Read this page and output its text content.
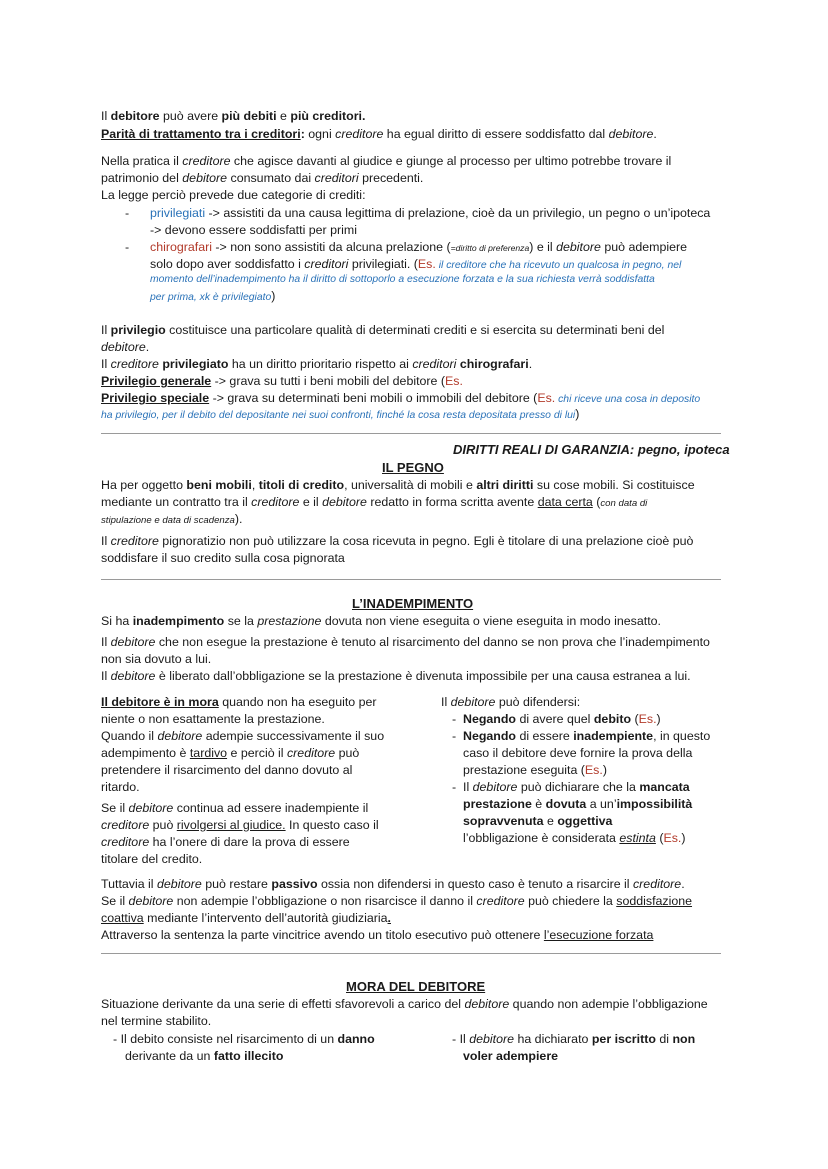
Il debitore può avere più debiti e più creditori.
Parità di trattamento tra i creditori: ogni creditore ha egual diritto di essere soddisfatto dal debitore.
Nella pratica il creditore che agisce davanti al giudice e giunge al processo per ultimo potrebbe trovare il
patrimonio del debitore consumato dai creditori precedenti.
La legge perciò prevede due categorie di crediti:
- privilegiati -> assistiti da una causa legittima di prelazione, cioè da un privilegio, un pegno o un’ipoteca
-> devono essere soddisfatti per primi
- chirografari -> non sono assistiti da alcuna prelazione (=diritto di preferenza) e il debitore può adempiere
solo dopo aver soddisfatto i creditori privilegiati. (Es. il creditore che ha ricevuto un qualcosa in pegno, nel
momento dell’inadempimento ha il diritto di sottoporlo a esecuzione forzata e la sua richiesta verrà soddisfatta
per prima, xk è privilegiato)
Il privilegio costituisce una particolare qualità di determinati crediti e si esercita su determinati beni del
debitore.
Il creditore privilegiato ha un diritto prioritario rispetto ai creditori chirografari.
Privilegio generale -> grava su tutti i beni mobili del debitore (Es.
Privilegio speciale -> grava su determinati beni mobili o immobili del debitore (Es. chi riceve una cosa in deposito
ha privilegio, per il debito del depositante nei suoi confronti, finché la cosa resta depositata presso di lui)
DIRITTI REALI DI GARANZIA: pegno, ipoteca
IL PEGNO
Ha per oggetto beni mobili, titoli di credito, universalità di mobili e altri diritti su cose mobili. Si costituisce
mediante un contratto tra il creditore e il debitore redatto in forma scritta avente data certa (con data di
stipulazione e data di scadenza).
Il creditore pignoratizio non può utilizzare la cosa ricevuta in pegno. Egli è titolare di una prelazione cioè può
soddisfare il suo credito sulla cosa pignorata
L’INADEMPIMENTO
Si ha inadempimento se la prestazione dovuta non viene eseguita o viene eseguita in modo inesatto.
Il debitore che non esegue la prestazione è tenuto al risarcimento del danno se non prova che l’inadempimento
non sia dovuto a lui.
Il debitore è liberato dall’obbligazione se la prestazione è divenuta impossibile per una causa estranea a lui.
Il debitore è in mora quando non ha eseguito per
niente o non esattamente la prestazione.
Quando il debitore adempie successivamente il suo
adempimento è tardivo e perciò il creditore può
pretendere il risarcimento del danno dovuto al
ritardo.
Se il debitore continua ad essere inadempiente il
creditore può rivolgersi al giudice. In questo caso il
creditore ha l’onere di dare la prova di essere
titolare del credito.
Il debitore può difendersi:
- Negando di avere quel debito (Es.)
- Negando di essere inadempiente, in questo
caso il debitore deve fornire la prova della
prestazione eseguita (Es.)
- Il debitore può dichiarare che la mancata
prestazione è dovuta a un’impossibilità
sopravvenuta e oggettiva
l’obbligazione è considerata estinta (Es.)
Tuttavia il debitore può restare passivo ossia non difendersi in questo caso è tenuto a risarcire il creditore.
Se il debitore non adempie l’obbligazione o non risarcisce il danno il creditore può chiedere la soddisfazione
coattiva mediante l’intervento dell’autorità giudiziaria.
Attraverso la sentenza la parte vincitrice avendo un titolo esecutivo può ottenere l’esecuzione forzata
MORA DEL DEBITORE
Situazione derivante da una serie di effetti sfavorevoli a carico del debitore quando non adempie l’obbligazione
nel termine stabilito.
- Il debito consiste nel risarcimento di un danno
derivante da un fatto illecito
- Il debitore ha dichiarato per iscritto di non
voler adempiere
